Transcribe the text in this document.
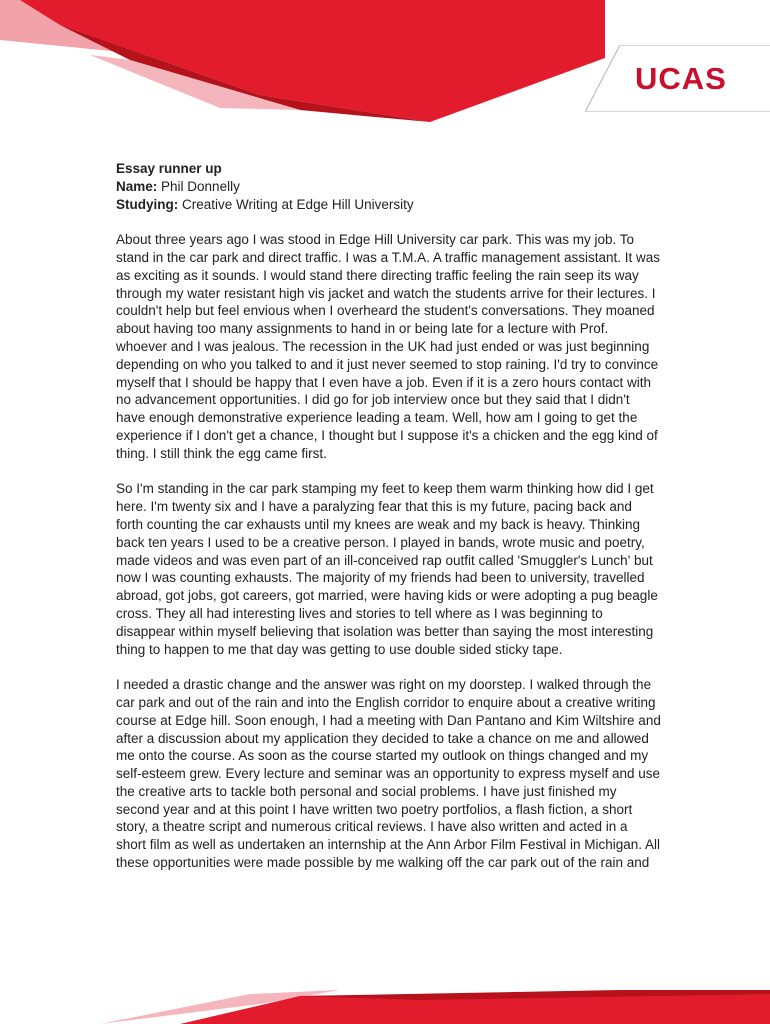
UCAS

Essay runner up

Name: Phil Donnelly

Studying: Creative Writing at Edge Hill University

About three years ago I was stood in Edge Hill University car park. This was my job. To stand in the car park and direct traffic. I was a T.M.A. A traffic management assistant. It was as exciting as it sounds. I would stand there directing traffic feeling the rain seep its way through my water resistant high vis jacket and watch the students arrive for their lectures. I couldn't help but feel envious when I overheard the student's conversations. They moaned about having too many assignments to hand in or being late for a lecture with Prof. whoever and I was jealous. The recession in the UK had just ended or was just beginning depending on who you talked to and it just never seemed to stop raining. I'd try to convince myself that I should be happy that I even have a job. Even if it is a zero hours contact with no advancement opportunities. I did go for job interview once but they said that I didn't have enough demonstrative experience leading a team. Well, how am I going to get the experience if I don't get a chance, I thought but I suppose it's a chicken and the egg kind of thing. I still think the egg came first.

So I'm standing in the car park stamping my feet to keep them warm thinking how did I get here. I'm twenty six and I have a paralyzing fear that this is my future, pacing back and forth counting the car exhausts until my knees are weak and my back is heavy. Thinking back ten years I used to be a creative person. I played in bands, wrote music and poetry, made videos and was even part of an ill-conceived rap outfit called 'Smuggler's Lunch' but now I was counting exhausts. The majority of my friends had been to university, travelled abroad, got jobs, got careers, got married, were having kids or were adopting a pug beagle cross. They all had interesting lives and stories to tell where as I was beginning to disappear within myself believing that isolation was better than saying the most interesting thing to happen to me that day was getting to use double sided sticky tape.

I needed a drastic change and the answer was right on my doorstep. I walked through the car park and out of the rain and into the English corridor to enquire about a creative writing course at Edge hill. Soon enough, I had a meeting with Dan Pantano and Kim Wiltshire and after a discussion about my application they decided to take a chance on me and allowed me onto the course. As soon as the course started my outlook on things changed and my self-esteem grew. Every lecture and seminar was an opportunity to express myself and use the creative arts to tackle both personal and social problems. I have just finished my second year and at this point I have written two poetry portfolios, a flash fiction, a short story, a theatre script and numerous critical reviews. I have also written and acted in a short film as well as undertaken an internship at the Ann Arbor Film Festival in Michigan. All these opportunities were made possible by me walking off the car park out of the rain and
